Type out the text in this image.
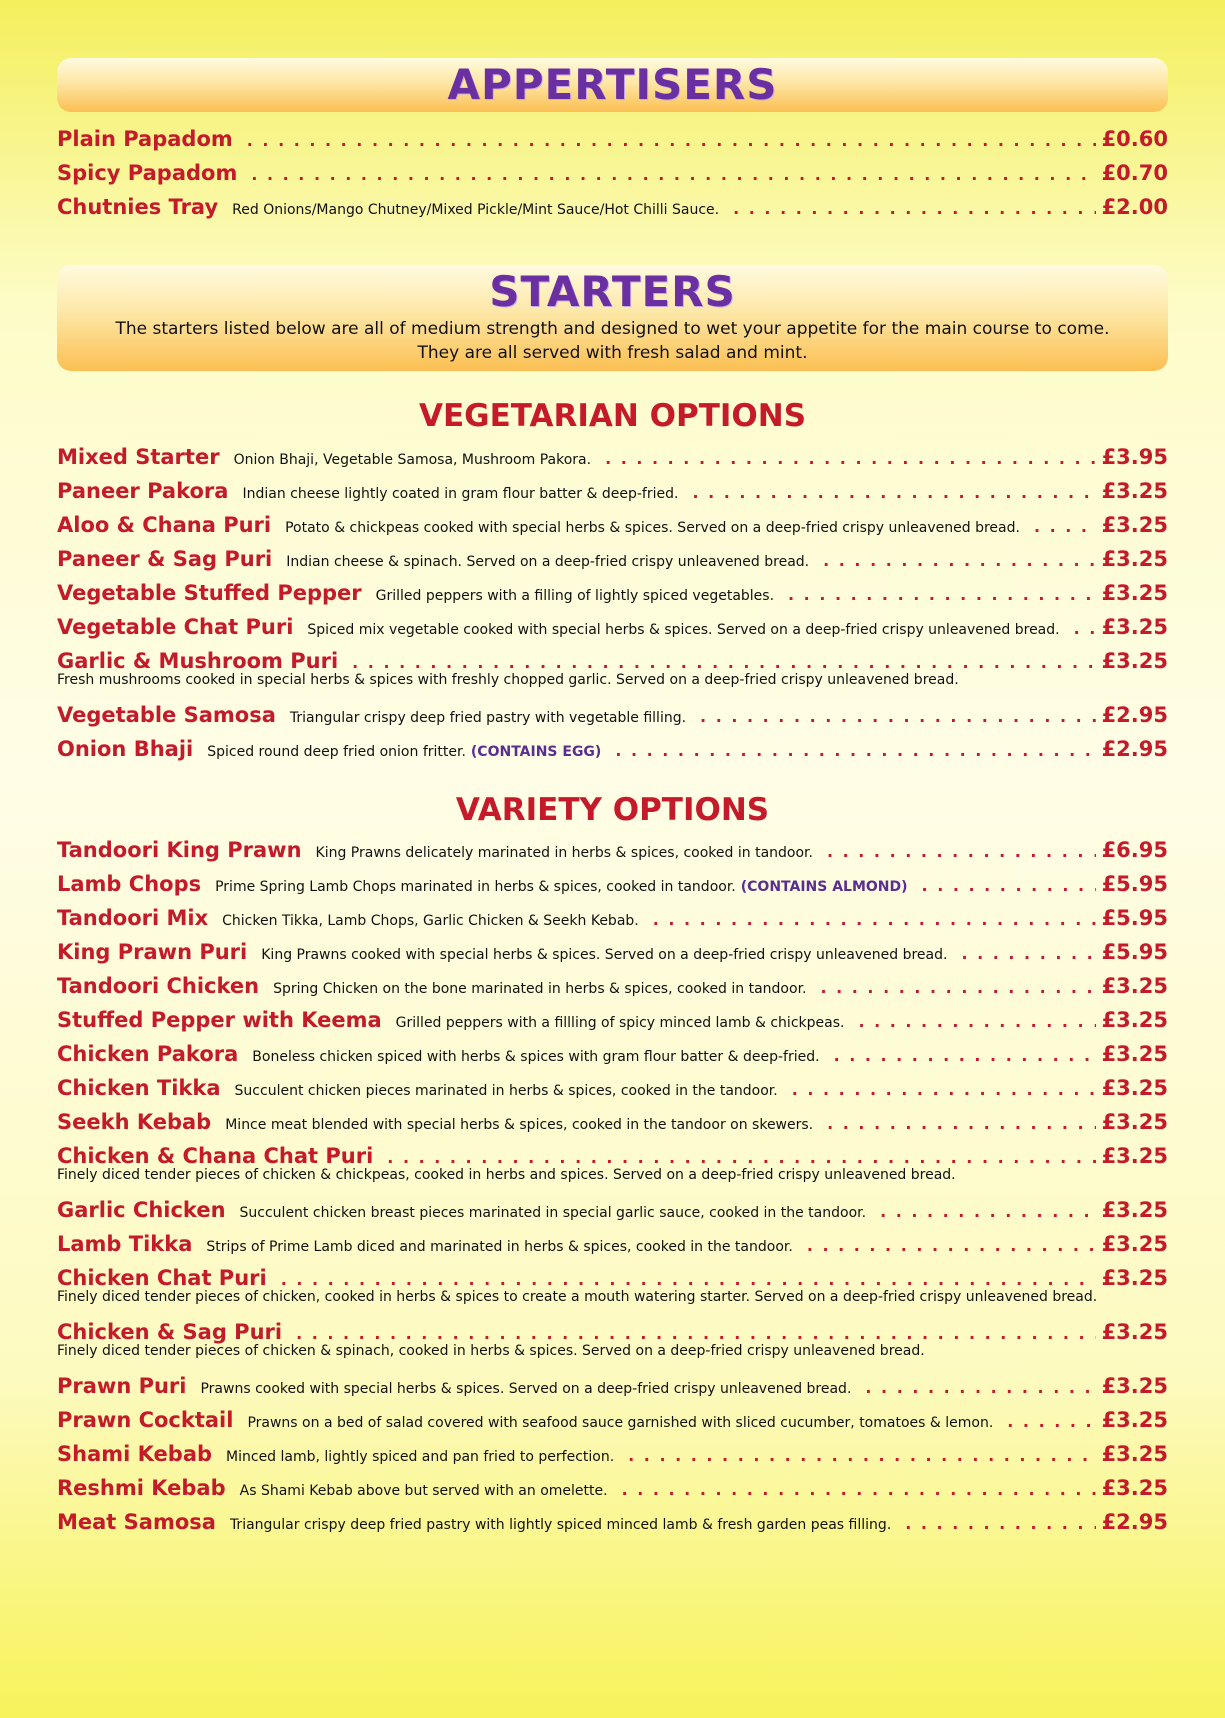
APPERTISERS
Plain Papadom . . .	£0.60
Spicy Papadom . . .	£0.70
Chutnies Tray Red Onions/Mango Chutney/Mixed Pickle/Mint Sauce/Hot Chilli Sauce. . . .	£2.00
STARTERS
The starters listed below are all of medium strength and designed to wet your appetite for the main course to come.
They are all served with fresh salad and mint.
VEGETARIAN OPTIONS
Mixed Starter Onion Bhaji, Vegetable Samosa, Mushroom Pakora. . . .	£3.95
Paneer Pakora Indian cheese lightly coated in gram flour batter & deep-fried. . . .	£3.25
Aloo & Chana Puri Potato & chickpeas cooked with special herbs & spices. Served on a deep-fried crispy unleavened bread. . . .	£3.25
Paneer & Sag Puri Indian cheese & spinach. Served on a deep-fried crispy unleavened bread. . . .	£3.25
Vegetable Stuffed Pepper Grilled peppers with a filling of lightly spiced vegetables. . . .	£3.25
Vegetable Chat Puri Spiced mix vegetable cooked with special herbs & spices. Served on a deep-fried crispy unleavened bread. . . . £3.25
Garlic & Mushroom Puri . . .	£3.25
Fresh mushrooms cooked in special herbs & spices with freshly chopped garlic. Served on a deep-fried crispy unleavened bread.
Vegetable Samosa Triangular crispy deep fried pastry with vegetable filling. . . .	£2.95
Onion Bhaji Spiced round deep fried onion fritter. (CONTAINS EGG) . . .	£2.95
VARIETY OPTIONS
Tandoori King Prawn King Prawns delicately marinated in herbs & spices, cooked in tandoor. . . .	£6.95
Lamb Chops Prime Spring Lamb Chops marinated in herbs & spices, cooked in tandoor. (CONTAINS ALMOND) . . .	£5.95
Tandoori Mix Chicken Tikka, Lamb Chops, Garlic Chicken & Seekh Kebab. . . .	£5.95
King Prawn Puri King Prawns cooked with special herbs & spices. Served on a deep-fried crispy unleavened bread. . . .	£5.95
Tandoori Chicken Spring Chicken on the bone marinated in herbs & spices, cooked in tandoor. . . .	£3.25
Stuffed Pepper with Keema Grilled peppers with a fillling of spicy minced lamb & chickpeas. . . .	£3.25
Chicken Pakora Boneless chicken spiced with herbs & spices with gram flour batter & deep-fried. . . .	£3.25
Chicken Tikka Succulent chicken pieces marinated in herbs & spices, cooked in the tandoor. . . .	£3.25
Seekh Kebab Mince meat blended with special herbs & spices, cooked in the tandoor on skewers. . . .	£3.25
Chicken & Chana Chat Puri . . .	£3.25
Finely diced tender pieces of chicken & chickpeas, cooked in herbs and spices. Served on a deep-fried crispy unleavened bread.
Garlic Chicken Succulent chicken breast pieces marinated in special garlic sauce, cooked in the tandoor. . . .	£3.25
Lamb Tikka Strips of Prime Lamb diced and marinated in herbs & spices, cooked in the tandoor. . . .	£3.25
Chicken Chat Puri . . .	£3.25
Finely diced tender pieces of chicken, cooked in herbs & spices to create a mouth watering starter. Served on a deep-fried crispy unleavened bread.
Chicken & Sag Puri . . .	£3.25
Finely diced tender pieces of chicken & spinach, cooked in herbs & spices. Served on a deep-fried crispy unleavened bread.
Prawn Puri Prawns cooked with special herbs & spices. Served on a deep-fried crispy unleavened bread. . . .	£3.25
Prawn Cocktail Prawns on a bed of salad covered with seafood sauce garnished with sliced cucumber, tomatoes & lemon. . . .	£3.25
Shami Kebab Minced lamb, lightly spiced and pan fried to perfection. . . .	£3.25
Reshmi Kebab As Shami Kebab above but served with an omelette. . . .	£3.25
Meat Samosa Triangular crispy deep fried pastry with lightly spiced minced lamb & fresh garden peas filling. . . .	£2.95
